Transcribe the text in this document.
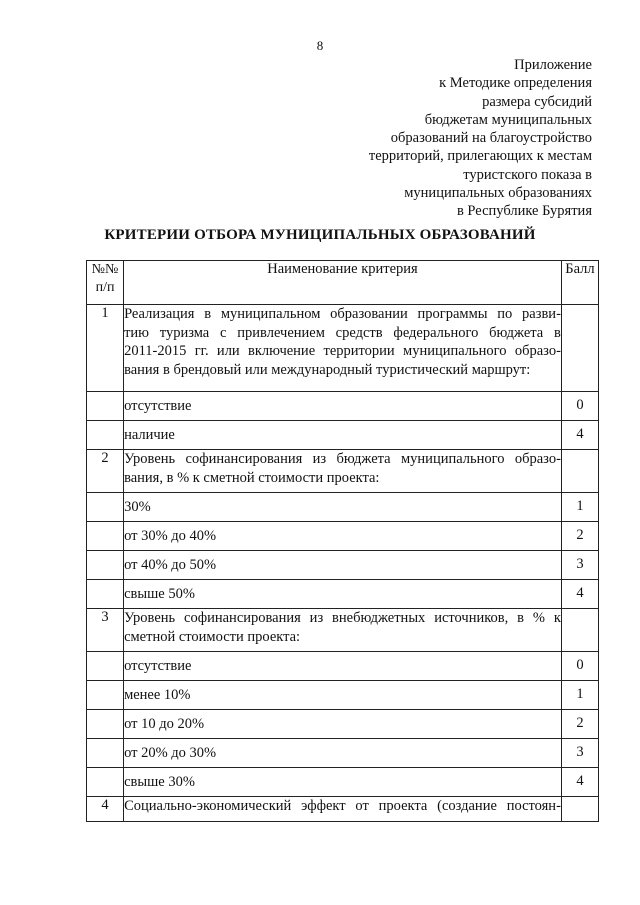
8
Приложение
к Методике определения
размера субсидий
бюджетам муниципальных
образований на благоустройство
территорий, прилегающих к местам
туристского показа в
муниципальных образованиях
в Республике Бурятия
КРИТЕРИИ ОТБОРА МУНИЦИПАЛЬНЫХ ОБРАЗОВАНИЙ
№№
п/п	Наименование критерия	Балл
1	Реализация в муниципальном образовании программы по разви-
тию туризма с привлечением средств федерального бюджета в
2011-2015 гг. или включение территории муниципального образо-
вания в брендовый или международный туристический маршрут:	

	отсутствие	0
	наличие	4
2	Уровень софинансирования из бюджета муниципального образо-
вания, в % к сметной стоимости проекта:	

	30%	1
	от 30% до 40%	2
	от 40% до 50%	3
	свыше 50%	4
3	Уровень софинансирования из внебюджетных источников, в % к
сметной стоимости проекта:	

	отсутствие	0
	менее 10%	1
	от 10 до 20%	2
	от 20% до 30%	3
	свыше 30%	4
4	Социально-экономический эффект от проекта (создание постоян-	
